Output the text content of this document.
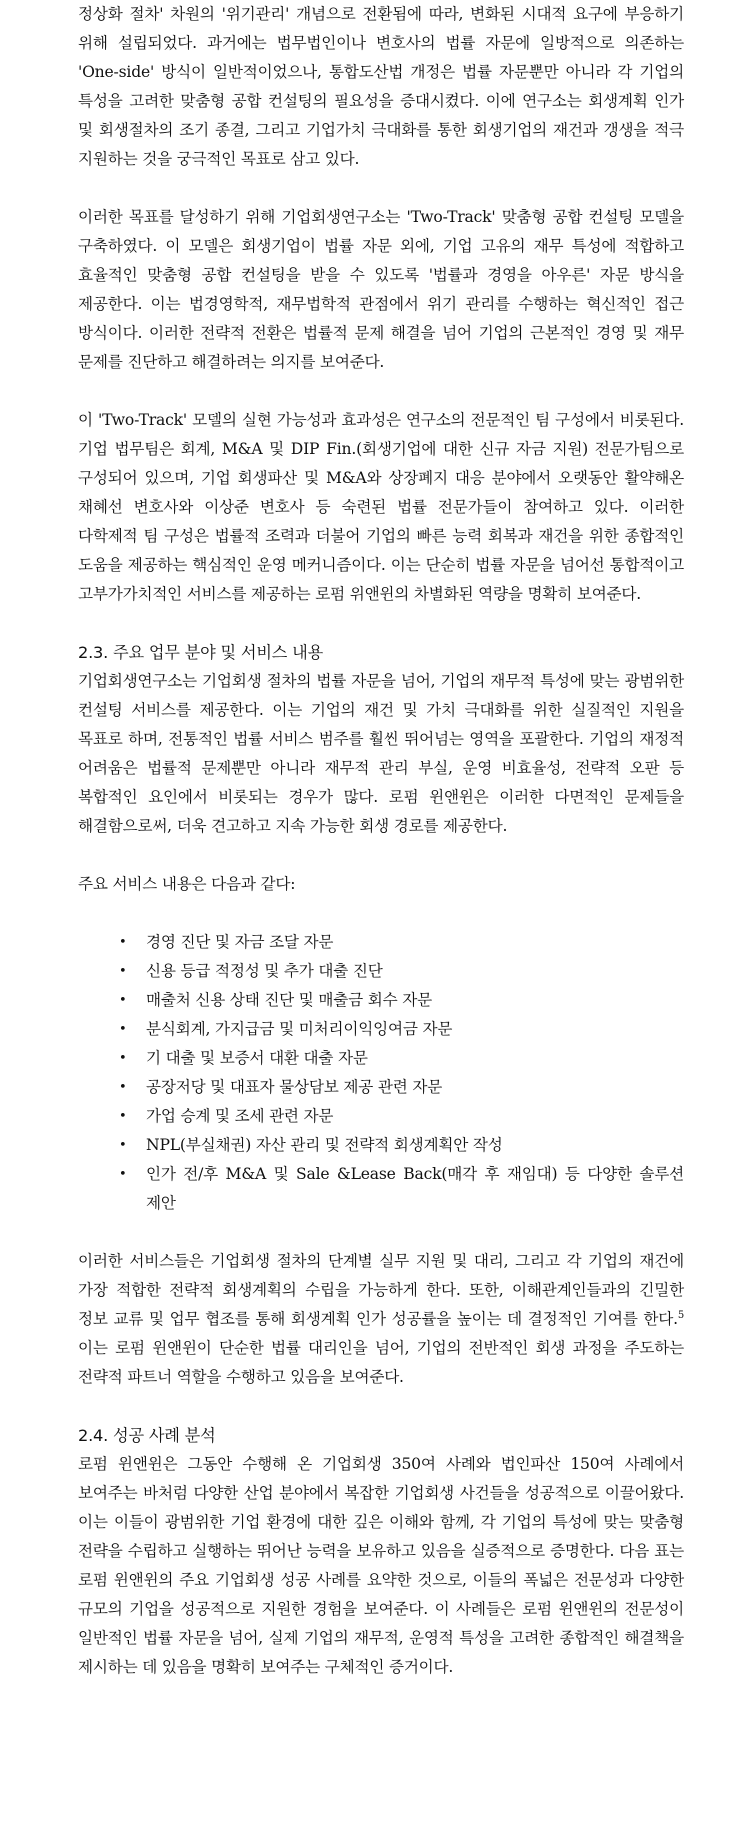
정상화 절차' 차원의 '위기관리' 개념으로 전환됨에 따라, 변화된 시대적 요구에 부응하기 위해 설립되었다. 과거에는 법무법인이나 변호사의 법률 자문에 일방적으로 의존하는 'One-side' 방식이 일반적이었으나, 통합도산법 개정은 법률 자문뿐만 아니라 각 기업의 특성을 고려한 맞춤형 공합 컨설팅의 필요성을 증대시켰다. 이에 연구소는 회생계획 인가 및 회생절차의 조기 종결, 그리고 기업가치 극대화를 통한 회생기업의 재건과 갱생을 적극 지원하는 것을 궁극적인 목표로 삼고 있다.

이러한 목표를 달성하기 위해 기업회생연구소는 'Two-Track' 맞춤형 공합 컨설팅 모델을 구축하였다. 이 모델은 회생기업이 법률 자문 외에, 기업 고유의 재무 특성에 적합하고 효율적인 맞춤형 공합 컨설팅을 받을 수 있도록 '법률과 경영을 아우른' 자문 방식을 제공한다. 이는 법경영학적, 재무법학적 관점에서 위기 관리를 수행하는 혁신적인 접근 방식이다. 이러한 전략적 전환은 법률적 문제 해결을 넘어 기업의 근본적인 경영 및 재무 문제를 진단하고 해결하려는 의지를 보여준다.

이 'Two-Track' 모델의 실현 가능성과 효과성은 연구소의 전문적인 팀 구성에서 비롯된다. 기업 법무팀은 회계, M&A 및 DIP Fin.(회생기업에 대한 신규 자금 지원) 전문가팀으로 구성되어 있으며, 기업 회생파산 및 M&A와 상장폐지 대응 분야에서 오랫동안 활약해온 채혜선 변호사와 이상준 변호사 등 숙련된 법률 전문가들이 참여하고 있다. 이러한 다학제적 팀 구성은 법률적 조력과 더불어 기업의 빠른 능력 회복과 재건을 위한 종합적인 도움을 제공하는 핵심적인 운영 메커니즘이다. 이는 단순히 법률 자문을 넘어선 통합적이고 고부가가치적인 서비스를 제공하는 로펌 위앤윈의 차별화된 역량을 명확히 보여준다.

2.3. 주요 업무 분야 및 서비스 내용

기업회생연구소는 기업회생 절차의 법률 자문을 넘어, 기업의 재무적 특성에 맞는 광범위한 컨설팅 서비스를 제공한다. 이는 기업의 재건 및 가치 극대화를 위한 실질적인 지원을 목표로 하며, 전통적인 법률 서비스 범주를 훨씬 뛰어넘는 영역을 포괄한다. 기업의 재정적 어려움은 법률적 문제뿐만 아니라 재무적 관리 부실, 운영 비효율성, 전략적 오판 등 복합적인 요인에서 비롯되는 경우가 많다. 로펌 윈앤윈은 이러한 다면적인 문제들을 해결함으로써, 더욱 견고하고 지속 가능한 회생 경로를 제공한다.

주요 서비스 내용은 다음과 같다:

• 경영 진단 및 자금 조달 자문
• 신용 등급 적정성 및 추가 대출 진단
• 매출처 신용 상태 진단 및 매출금 회수 자문
• 분식회계, 가지급금 및 미처리이익잉여금 자문
• 기 대출 및 보증서 대환 대출 자문
• 공장저당 및 대표자 물상담보 제공 관련 자문
• 가업 승계 및 조세 관련 자문
• NPL(부실채권) 자산 관리 및 전략적 회생계획안 작성
• 인가 전/후 M&A 및 Sale &Lease Back(매각 후 재임대) 등 다양한 솔루션 제안

이러한 서비스들은 기업회생 절차의 단계별 실무 지원 및 대리, 그리고 각 기업의 재건에 가장 적합한 전략적 회생계획의 수립을 가능하게 한다. 또한, 이해관계인들과의 긴밀한 정보 교류 및 업무 협조를 통해 회생계획 인가 성공률을 높이는 데 결정적인 기여를 한다.$^5$ 이는 로펌 윈앤윈이 단순한 법률 대리인을 넘어, 기업의 전반적인 회생 과정을 주도하는 전략적 파트너 역할을 수행하고 있음을 보여준다.

2.4. 성공 사례 분석

로펌 윈앤윈은 그동안 수행해 온 기업회생 350여 사례와 법인파산 150여 사례에서 보여주는 바처럼 다양한 산업 분야에서 복잡한 기업회생 사건들을 성공적으로 이끌어왔다. 이는 이들이 광범위한 기업 환경에 대한 깊은 이해와 함께, 각 기업의 특성에 맞는 맞춤형 전략을 수립하고 실행하는 뛰어난 능력을 보유하고 있음을 실증적으로 증명한다. 다음 표는 로펌 윈앤윈의 주요 기업회생 성공 사례를 요약한 것으로, 이들의 폭넓은 전문성과 다양한 규모의 기업을 성공적으로 지원한 경험을 보여준다. 이 사례들은 로펌 윈앤윈의 전문성이 일반적인 법률 자문을 넘어, 실제 기업의 재무적, 운영적 특성을 고려한 종합적인 해결책을 제시하는 데 있음을 명확히 보여주는 구체적인 증거이다.
